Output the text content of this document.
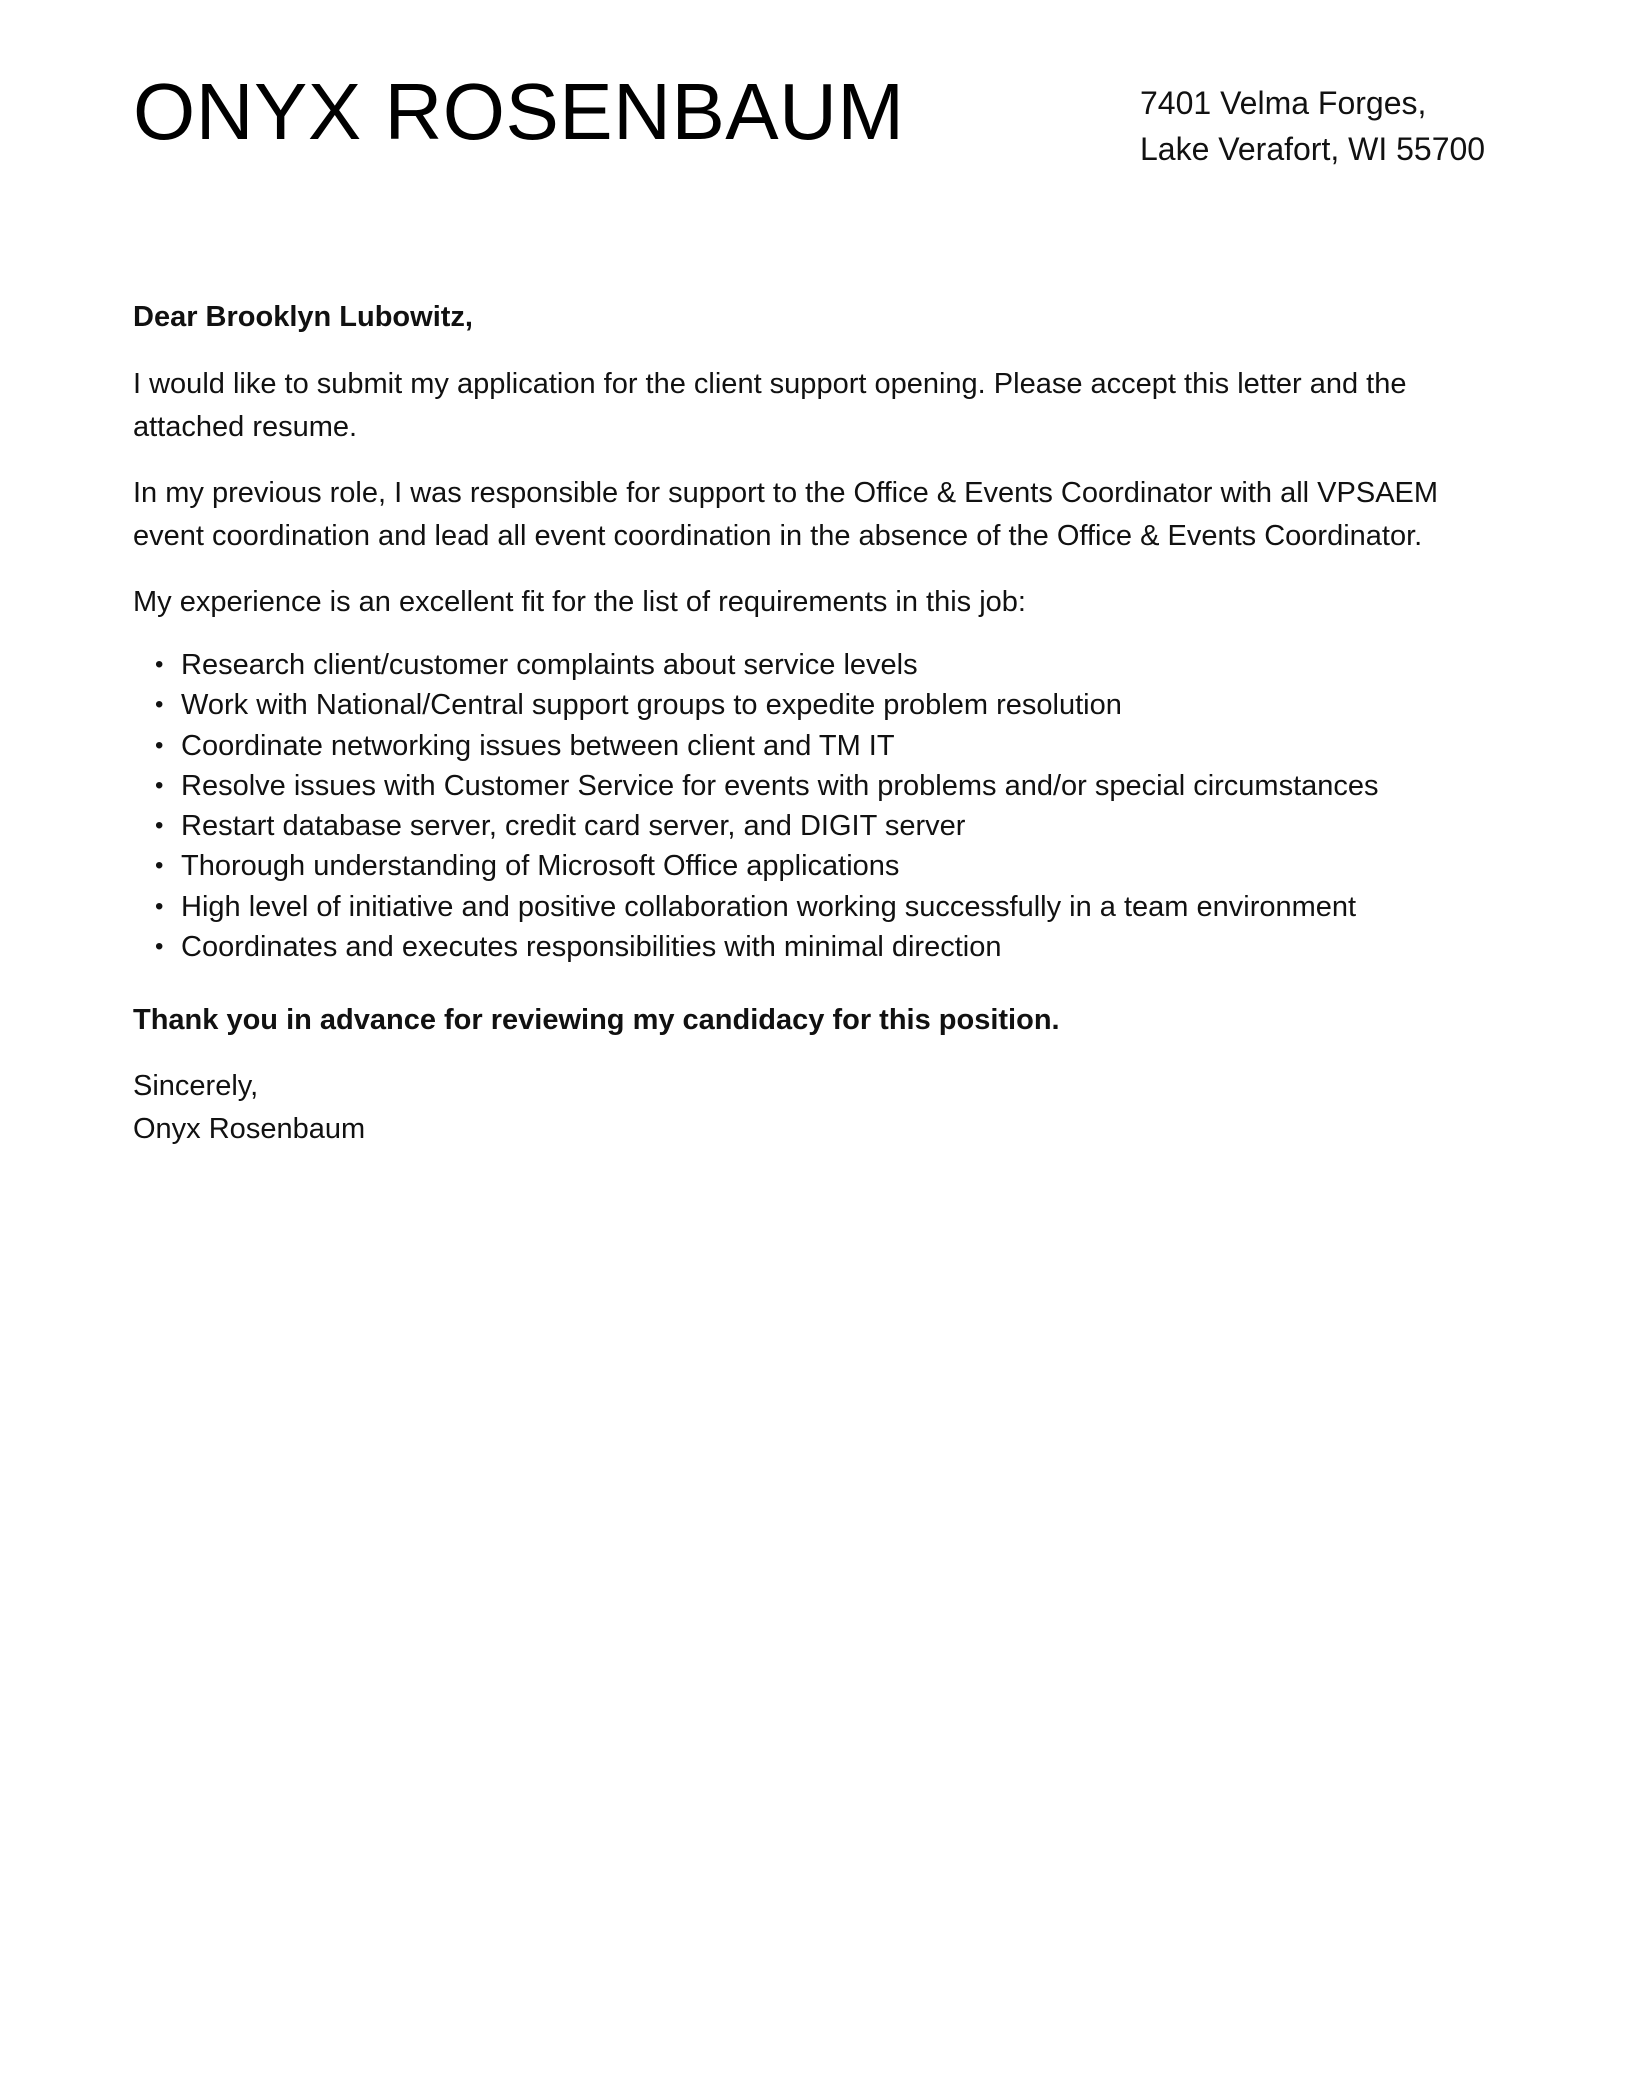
ONYX ROSENBAUM	7401 Velma Forges,
Lake Verafort, WI 55700

Dear Brooklyn Lubowitz,

I would like to submit my application for the client support opening. Please accept this letter and the attached resume.

In my previous role, I was responsible for support to the Office & Events Coordinator with all VPSAEM event coordination and lead all event coordination in the absence of the Office & Events Coordinator.

My experience is an excellent fit for the list of requirements in this job:

• Research client/customer complaints about service levels
• Work with National/Central support groups to expedite problem resolution
• Coordinate networking issues between client and TM IT
• Resolve issues with Customer Service for events with problems and/or special circumstances
• Restart database server, credit card server, and DIGIT server
• Thorough understanding of Microsoft Office applications
• High level of initiative and positive collaboration working successfully in a team environment
• Coordinates and executes responsibilities with minimal direction

Thank you in advance for reviewing my candidacy for this position.

Sincerely,

Onyx Rosenbaum
